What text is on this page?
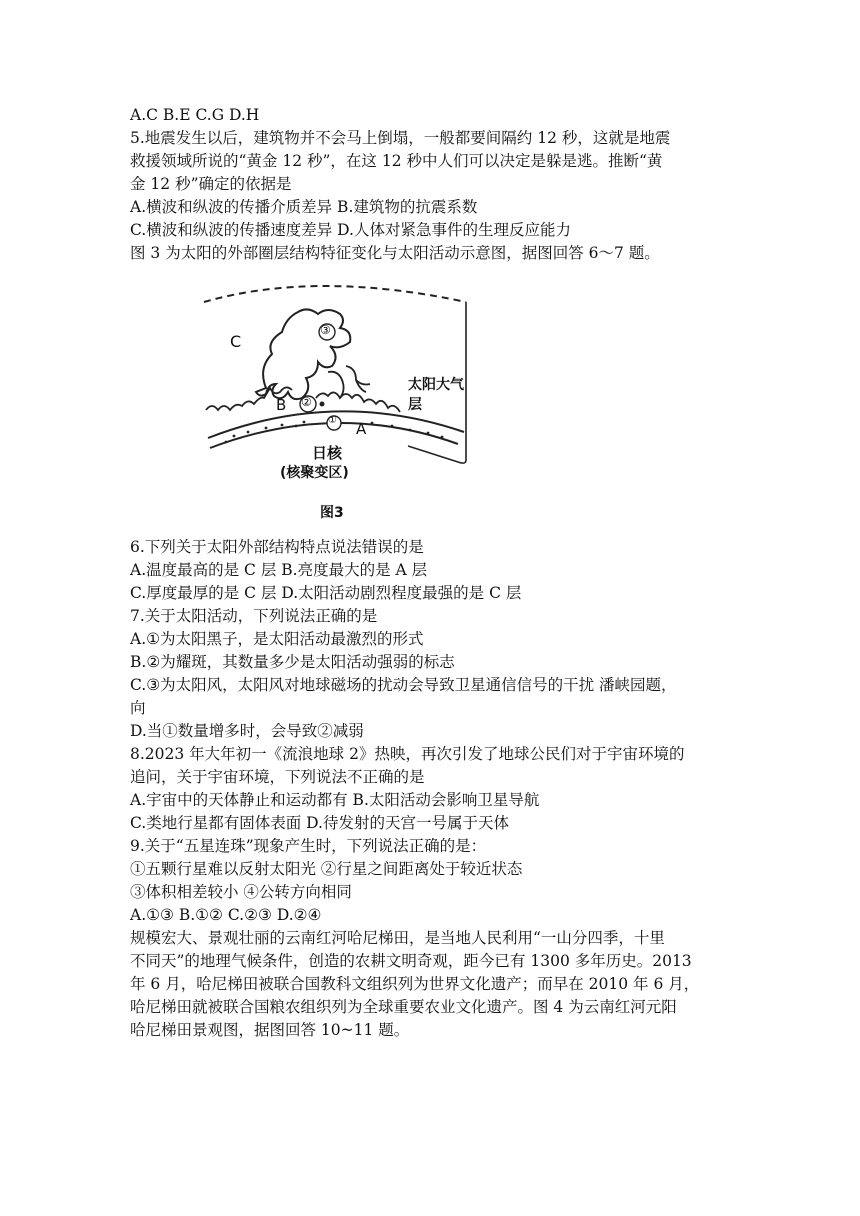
A.C B.E C.G D.H
5.地震发生以后，建筑物并不会马上倒塌，一般都要间隔约 12 秒，这就是地震
救援领域所说的“黄金 12 秒”，在这 12 秒中人们可以决定是躲是逃。推断“黄
金 12 秒”确定的依据是
A.横波和纵波的传播介质差异 B.建筑物的抗震系数
C.横波和纵波的传播速度差异 D.人体对紧急事件的生理反应能力
图 3 为太阳的外部圈层结构特征变化与太阳活动示意图，据图回答 6～7 题。
C
B
A
①
②
③
太阳大气层
日核
(核聚变区)
图3
6.下列关于太阳外部结构特点说法错误的是
A.温度最高的是 C 层 B.亮度最大的是 A 层
C.厚度最厚的是 C 层 D.太阳活动剧烈程度最强的是 C 层
7.关于太阳活动，下列说法正确的是
A.①为太阳黑子，是太阳活动最激烈的形式
B.②为耀斑，其数量多少是太阳活动强弱的标志
C.③为太阳风，太阳风对地球磁场的扰动会导致卫星通信信号的干扰 潘峡园题，
向
D.当①数量增多时，会导致②减弱
8.2023 年大年初一《流浪地球 2》热映，再次引发了地球公民们对于宇宙环境的
追问，关于宇宙环境，下列说法不正确的是
A.宇宙中的天体静止和运动都有 B.太阳活动会影响卫星导航
C.类地行星都有固体表面 D.待发射的天宫一号属于天体
9.关于“五星连珠”现象产生时，下列说法正确的是：
①五颗行星难以反射太阳光 ②行星之间距离处于较近状态
③体积相差较小 ④公转方向相同
A.①③ B.①② C.②③ D.②④
规模宏大、景观壮丽的云南红河哈尼梯田，是当地人民利用“一山分四季，十里
不同天”的地理气候条件，创造的农耕文明奇观，距今已有 1300 多年历史。2013
年 6 月，哈尼梯田被联合国教科文组织列为世界文化遗产；而早在 2010 年 6 月，
哈尼梯田就被联合国粮农组织列为全球重要农业文化遗产。图 4 为云南红河元阳
哈尼梯田景观图，据图回答 10~11 题。
